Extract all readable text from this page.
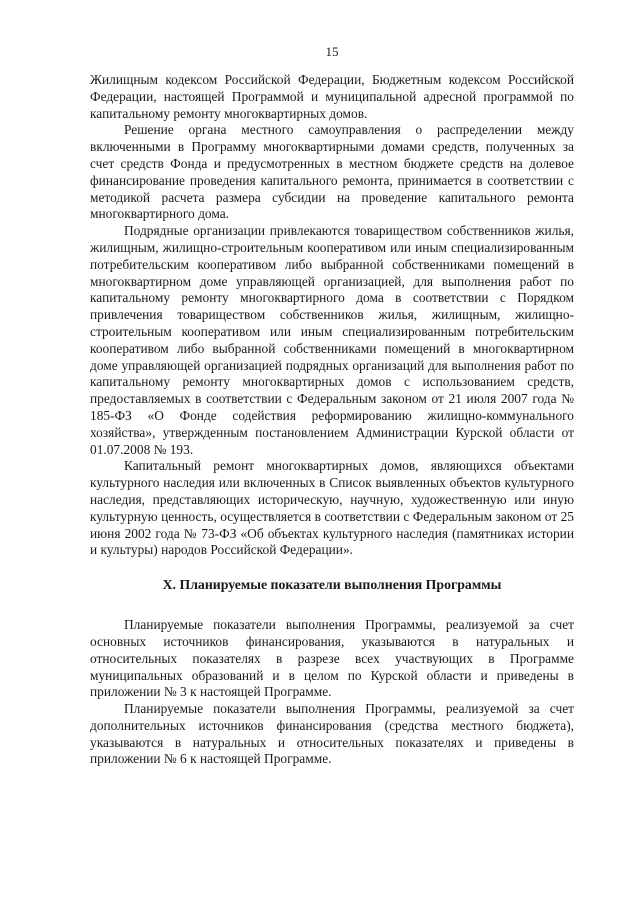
15

Жилищным кодексом Российской Федерации, Бюджетным кодексом Российской Федерации, настоящей Программой и муниципальной адресной программой по капитальному ремонту многоквартирных домов.

Решение органа местного самоуправления о распределении между включенными в Программу многоквартирными домами средств, полученных за счет средств Фонда и предусмотренных в местном бюджете средств на долевое финансирование проведения капитального ремонта, принимается в соответствии с методикой расчета размера субсидии на проведение капитального ремонта многоквартирного дома.

Подрядные организации привлекаются товариществом собственников жилья, жилищным, жилищно-строительным кооперативом или иным специализированным потребительским кооперативом либо выбранной собственниками помещений в многоквартирном доме управляющей организацией, для выполнения работ по капитальному ремонту многоквартирного дома в соответствии с Порядком привлечения товариществом собственников жилья, жилищным, жилищно-строительным кооперативом или иным специализированным потребительским кооперативом либо выбранной собственниками помещений в многоквартирном доме управляющей организацией подрядных организаций для выполнения работ по капитальному ремонту многоквартирных домов с использованием средств, предоставляемых в соответствии с Федеральным законом от 21 июля 2007 года № 185-ФЗ «О Фонде содействия реформированию жилищно-коммунального хозяйства», утвержденным постановлением Администрации Курской области от 01.07.2008 № 193.

Капитальный ремонт многоквартирных домов, являющихся объектами культурного наследия или включенных в Список выявленных объектов культурного наследия, представляющих историческую, научную, художественную или иную культурную ценность, осуществляется в соответствии с Федеральным законом от 25 июня 2002 года № 73-ФЗ «Об объектах культурного наследия (памятниках истории и культуры) народов Российской Федерации».

X. Планируемые показатели выполнения Программы

Планируемые показатели выполнения Программы, реализуемой за счет основных источников финансирования, указываются в натуральных и относительных показателях в разрезе всех участвующих в Программе муниципальных образований и в целом по Курской области и приведены в приложении № 3 к настоящей Программе.

Планируемые показатели выполнения Программы, реализуемой за счет дополнительных источников финансирования (средства местного бюджета), указываются в натуральных и относительных показателях и приведены в приложении № 6 к настоящей Программе.
